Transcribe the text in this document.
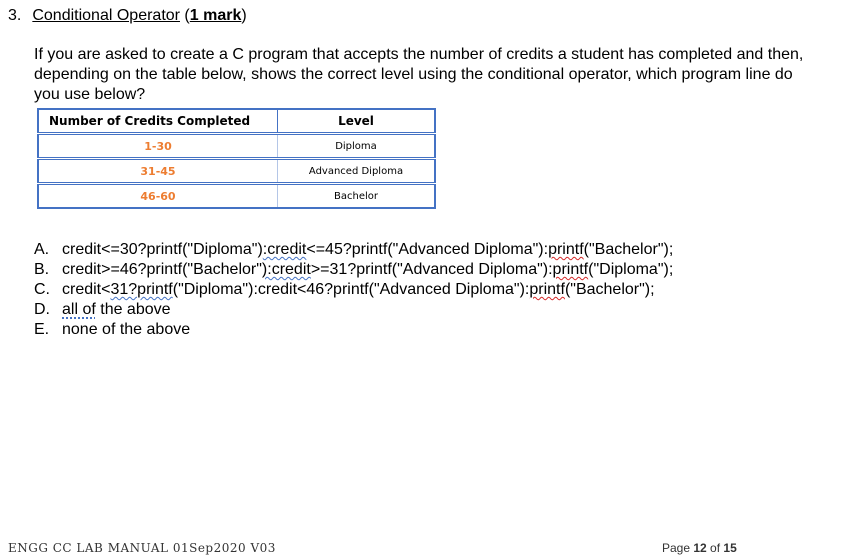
3. Conditional Operator (1 mark)

If you are asked to create a C program that accepts the number of credits a student has completed and then, depending on the table below, shows the correct level using the conditional operator, which program line do you use below?

Number of Credits Completed	Level
1-30	Diploma
31-45	Advanced Diploma
46-60	Bachelor
A. credit<=30?printf("Diploma"):credit<=45?printf("Advanced Diploma"):printf("Bachelor");
B. credit>=46?printf("Bachelor"):credit>=31?printf("Advanced Diploma"):printf("Diploma");
C. credit<31?printf("Diploma"):credit<46?printf("Advanced Diploma"):printf("Bachelor");
D. all of the above
E. none of the above
ENGG CC LAB MANUAL 01Sep2020 V03	Page 12 of 15
